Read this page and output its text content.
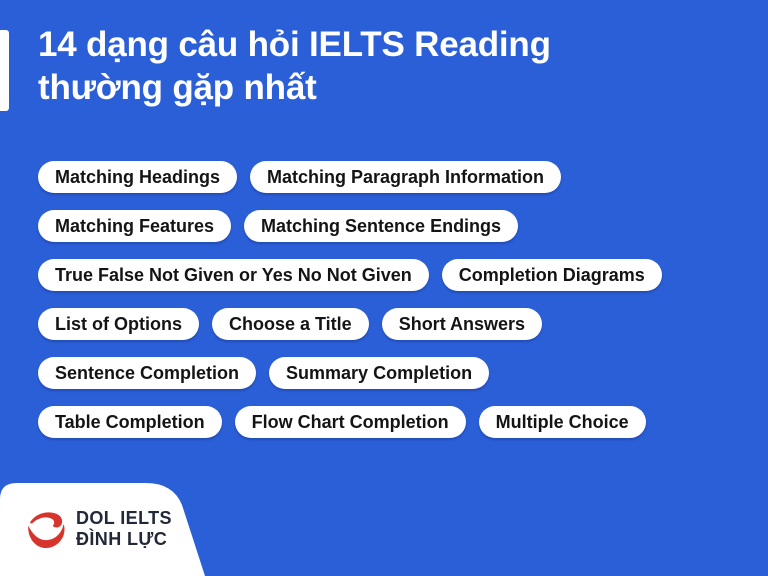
14 dạng câu hỏi IELTS Reading
thường gặp nhất
Matching Headings	Matching Paragraph Information
Matching Features	Matching Sentence Endings
True False Not Given or Yes No Not Given	Completion Diagrams
List of Options	Choose a Title	Short Answers
Sentence Completion	Summary Completion
Table Completion	Flow Chart Completion	Multiple Choice
DOL IELTS
ĐÌNH LỰC
